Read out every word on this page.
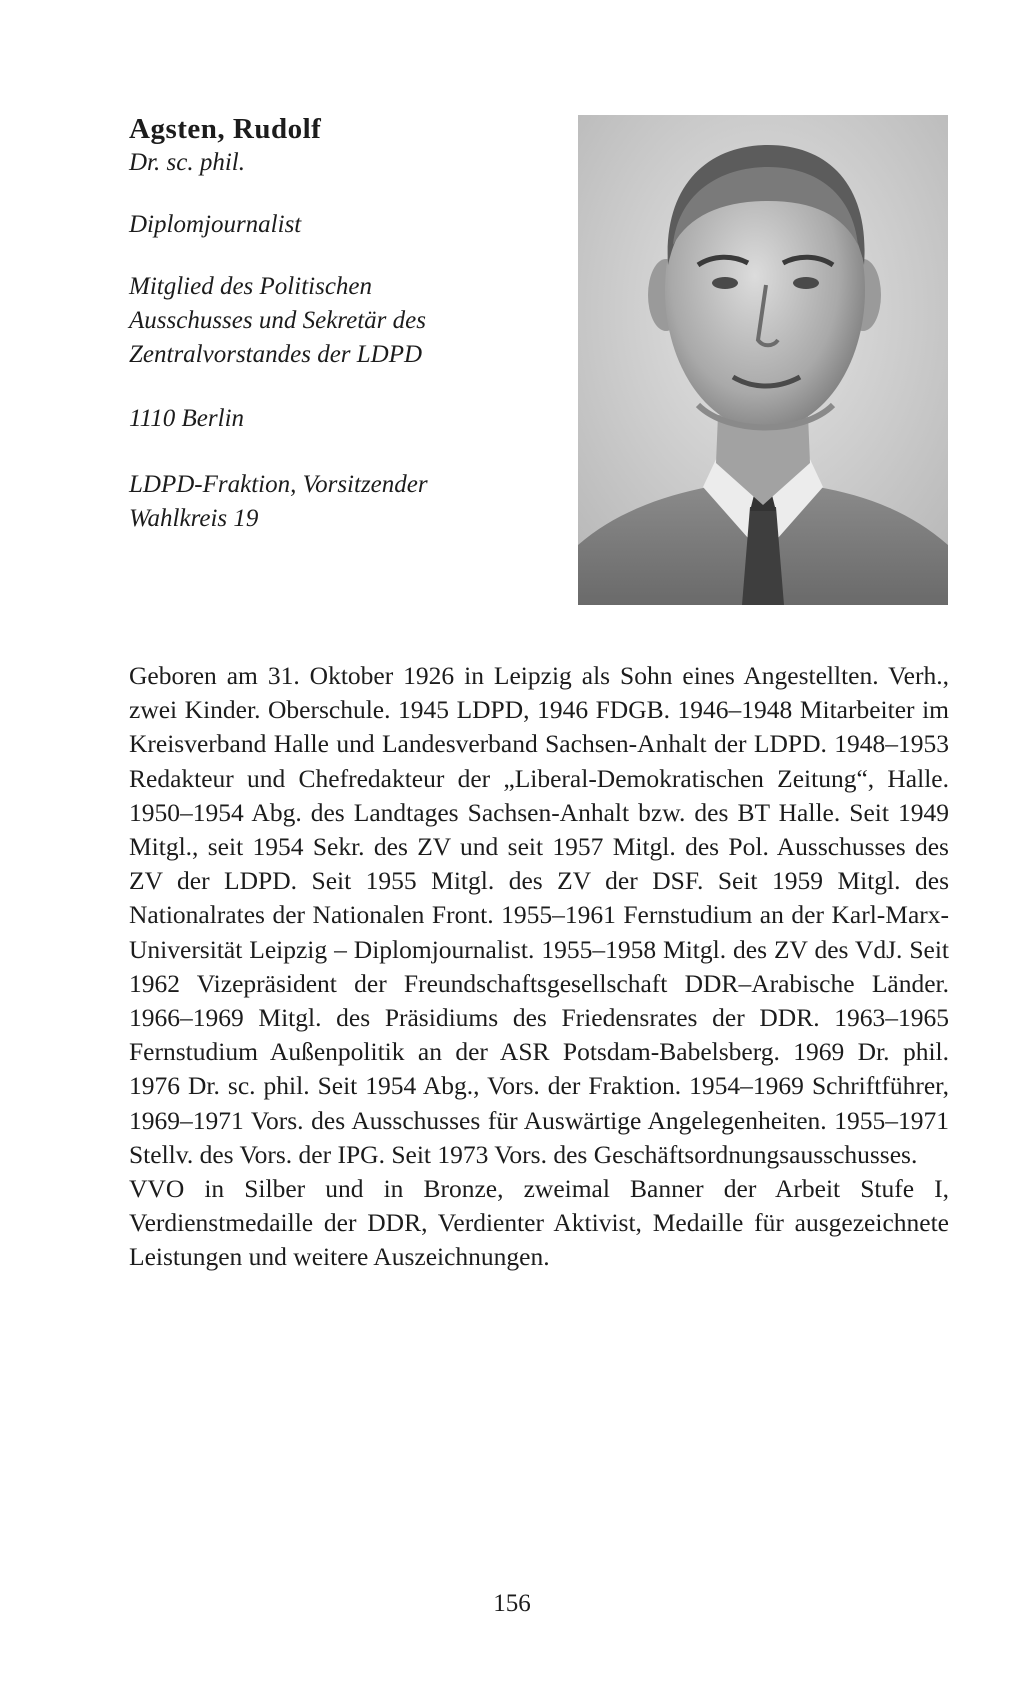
Agsten, Rudolf

Dr. sc. phil.

Diplomjournalist

Mitglied des Politischen

Ausschusses und Sekretär des

Zentralvorstandes der LDPD

1110 Berlin

LDPD-Fraktion, Vorsitzender

Wahlkreis 19

Geboren am 31. Oktober 1926 in Leipzig als Sohn eines Angestellten. Verh., zwei Kinder. Oberschule. 1945 LDPD, 1946 FDGB. 1946–1948 Mitarbeiter im Kreisverband Halle und Landesverband Sachsen-Anhalt der LDPD. 1948–1953 Redakteur und Chefredakteur der „Liberal-Demokratischen Zeitung“, Halle. 1950–1954 Abg. des Landtages Sachsen-Anhalt bzw. des BT Halle. Seit 1949 Mitgl., seit 1954 Sekr. des ZV und seit 1957 Mitgl. des Pol. Ausschusses des ZV der LDPD. Seit 1955 Mitgl. des ZV der DSF. Seit 1959 Mitgl. des Nationalrates der Nationalen Front. 1955–1961 Fernstudium an der Karl-Marx-Universität Leipzig – Diplomjournalist. 1955–1958 Mitgl. des ZV des VdJ. Seit 1962 Vizepräsident der Freundschaftsgesellschaft DDR–Arabische Länder. 1966–1969 Mitgl. des Präsidiums des Friedensrates der DDR. 1963–1965 Fernstudium Außenpolitik an der ASR Potsdam-Babelsberg. 1969 Dr. phil. 1976 Dr. sc. phil. Seit 1954 Abg., Vors. der Fraktion. 1954–1969 Schriftführer, 1969–1971 Vors. des Ausschusses für Auswärtige Angelegenheiten. 1955–1971 Stellv. des Vors. der IPG. Seit 1973 Vors. des Geschäftsordnungsausschusses.

VVO in Silber und in Bronze, zweimal Banner der Arbeit Stufe I, Verdienstmedaille der DDR, Verdienter Aktivist, Medaille für ausgezeichnete Leistungen und weitere Auszeichnungen.

156
